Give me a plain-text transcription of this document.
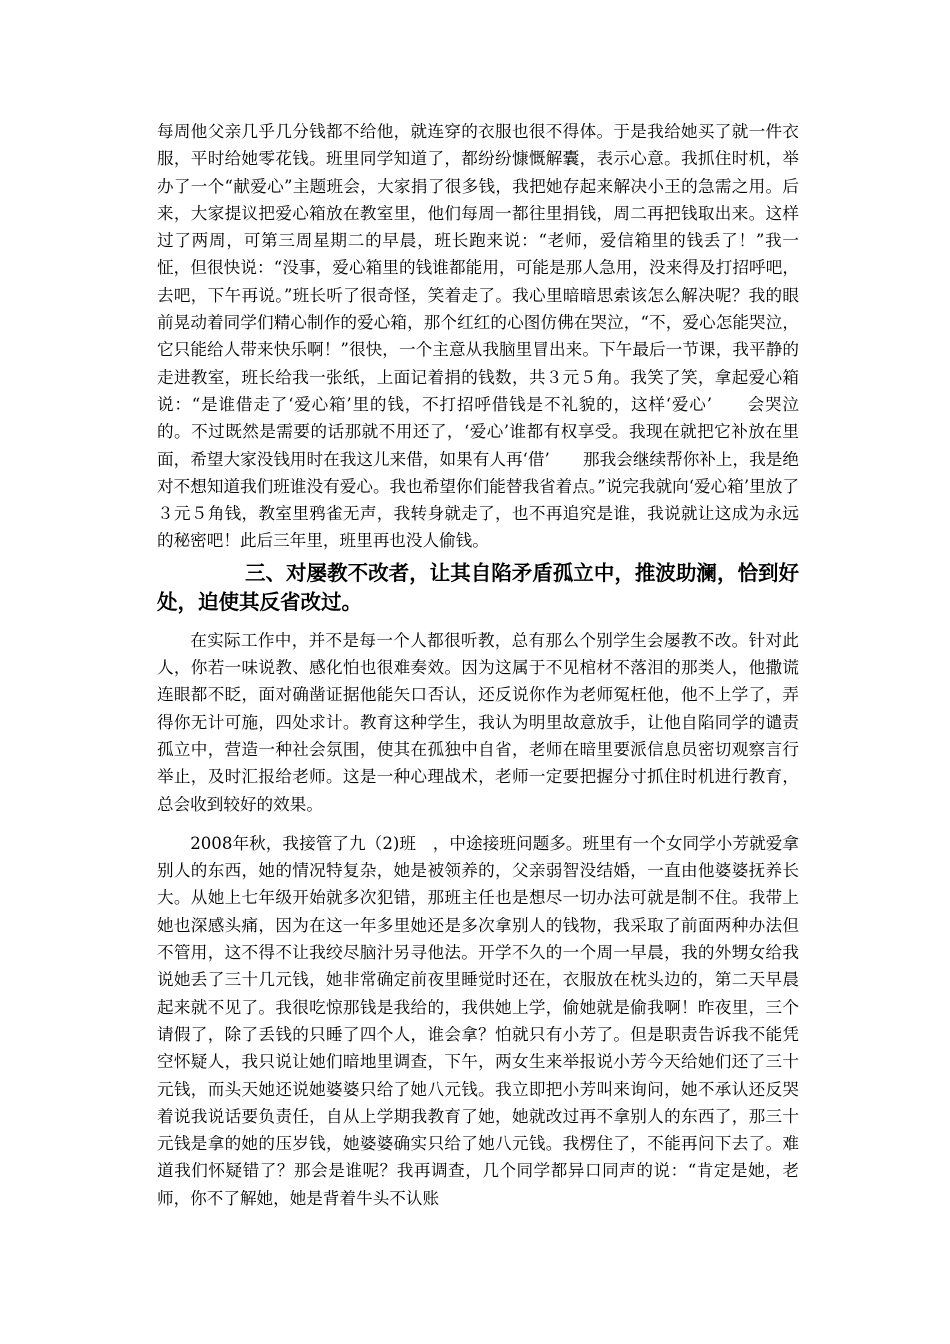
每周他父亲几乎几分钱都不给他，就连穿的衣服也很不得体。于是我给她买了就一件衣服，平时给她零花钱。班里同学知道了，都纷纷慷慨解囊，表示心意。我抓住时机，举办了一个“献爱心”主题班会，大家捐了很多钱，我把她存起来解决小王的急需之用。后来，大家提议把爱心箱放在教室里，他们每周一都往里捐钱，周二再把钱取出来。这样过了两周，可第三周星期二的早晨，班长跑来说：“老师，爱信箱里的钱丢了！”我一怔，但很快说：“没事，爱心箱里的钱谁都能用，可能是那人急用，没来得及打招呼吧，去吧，下午再说。”班长听了很奇怪，笑着走了。我心里暗暗思索该怎么解决呢？我的眼前晃动着同学们精心制作的爱心箱，那个红红的心图仿佛在哭泣，“不，爱心怎能哭泣，它只能给人带来快乐啊！”很快，一个主意从我脑里冒出来。下午最后一节课，我平静的走进教室，班长给我一张纸，上面记着捐的钱数，共３元５角。我笑了笑，拿起爱心箱说：“是谁借走了‘爱心箱’里的钱，不打招呼借钱是不礼貌的，这样‘爱心’　　会哭泣的。不过既然是需要的话那就不用还了，‘爱心’谁都有权享受。我现在就把它补放在里面，希望大家没钱用时在我这儿来借，如果有人再‘借’　　那我会继续帮你补上，我是绝对不想知道我们班谁没有爱心。我也希望你们能替我省着点。”说完我就向‘爱心箱’里放了３元５角钱，教室里鸦雀无声，我转身就走了，也不再追究是谁，我说就让这成为永远的秘密吧！此后三年里，班里再也没人偷钱。

三、对屡教不改者，让其自陷矛盾孤立中，推波助澜，恰到好处，迫使其反省改过。

在实际工作中，并不是每一个人都很听教，总有那么个别学生会屡教不改。针对此人，你若一味说教、感化怕也很难奏效。因为这属于不见棺材不落泪的那类人，他撒谎连眼都不眨，面对确凿证据他能矢口否认，还反说你作为老师冤枉他，他不上学了，弄得你无计可施，四处求计。教育这种学生，我认为明里故意放手，让他自陷同学的谴责孤立中，营造一种社会氛围，使其在孤独中自省，老师在暗里要派信息员密切观察言行举止，及时汇报给老师。这是一种心理战术，老师一定要把握分寸抓住时机进行教育，总会收到较好的效果。

2008年秋，我接管了九（2)班　，中途接班问题多。班里有一个女同学小芳就爱拿别人的东西，她的情况特复杂，她是被领养的，父亲弱智没结婚，一直由他婆婆抚养长大。从她上七年级开始就多次犯错，那班主任也是想尽一切办法可就是制不住。我带上她也深感头痛，因为在这一年多里她还是多次拿别人的钱物，我采取了前面两种办法但不管用，这不得不让我绞尽脑汁另寻他法。开学不久的一个周一早晨，我的外甥女给我说她丢了三十几元钱，她非常确定前夜里睡觉时还在，衣服放在枕头边的，第二天早晨起来就不见了。我很吃惊那钱是我给的，我供她上学，偷她就是偷我啊！昨夜里，三个请假了，除了丢钱的只睡了四个人，谁会拿？怕就只有小芳了。但是职责告诉我不能凭空怀疑人，我只说让她们暗地里调查，下午，两女生来举报说小芳今天给她们还了三十元钱，而头天她还说她婆婆只给了她八元钱。我立即把小芳叫来询问，她不承认还反哭着说我说话要负责任，自从上学期我教育了她，她就改过再不拿别人的东西了，那三十元钱是拿的她的压岁钱，她婆婆确实只给了她八元钱。我楞住了，不能再问下去了。难道我们怀疑错了？那会是谁呢？我再调查，几个同学都异口同声的说：“肯定是她，老师，你不了解她，她是背着牛头不认账
